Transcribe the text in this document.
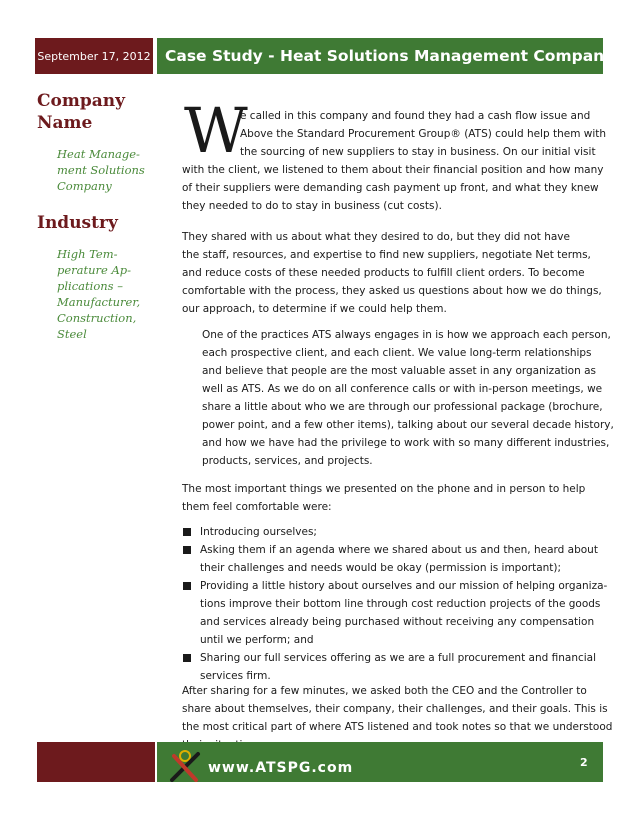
September 17, 2012 Case Study - Heat Solutions Management Company
Company
Name
Heat Manage-
ment Solutions
Company
Industry
High Tem-
perature Ap-
plications –
Manufacturer,
Construction,
Steel
W
e called in this company and found they had a cash flow issue and
Above the Standard Procurement Group® (ATS) could help them with
the sourcing of new suppliers to stay in business. On our initial visit
with the client, we listened to them about their financial position and how many
of their suppliers were demanding cash payment up front, and what they knew
they needed to do to stay in business (cut costs).
They shared with us about what they desired to do, but they did not have
the staff, resources, and expertise to find new suppliers, negotiate Net terms,
and reduce costs of these needed products to fulfill client orders. To become
comfortable with the process, they asked us questions about how we do things,
our approach, to determine if we could help them.
One of the practices ATS always engages in is how we approach each person,
each prospective client, and each client. We value long-term relationships
and believe that people are the most valuable asset in any organization as
well as ATS. As we do on all conference calls or with in-person meetings, we
share a little about who we are through our professional package (brochure,
power point, and a few other items), talking about our several decade history,
and how we have had the privilege to work with so many different industries,
products, services, and projects.
The most important things we presented on the phone and in person to help
them feel comfortable were:
Introducing ourselves;
Asking them if an agenda where we shared about us and then, heard about
their challenges and needs would be okay (permission is important);
Providing a little history about ourselves and our mission of helping organiza-
tions improve their bottom line through cost reduction projects of the goods
and services already being purchased without receiving any compensation
until we perform; and
Sharing our full services offering as we are a full procurement and financial
services firm.
After sharing for a few minutes, we asked both the CEO and the Controller to
share about themselves, their company, their challenges, and their goals. This is
the most critical part of where ATS listened and took notes so that we understood
www.ATSPG.com	2
